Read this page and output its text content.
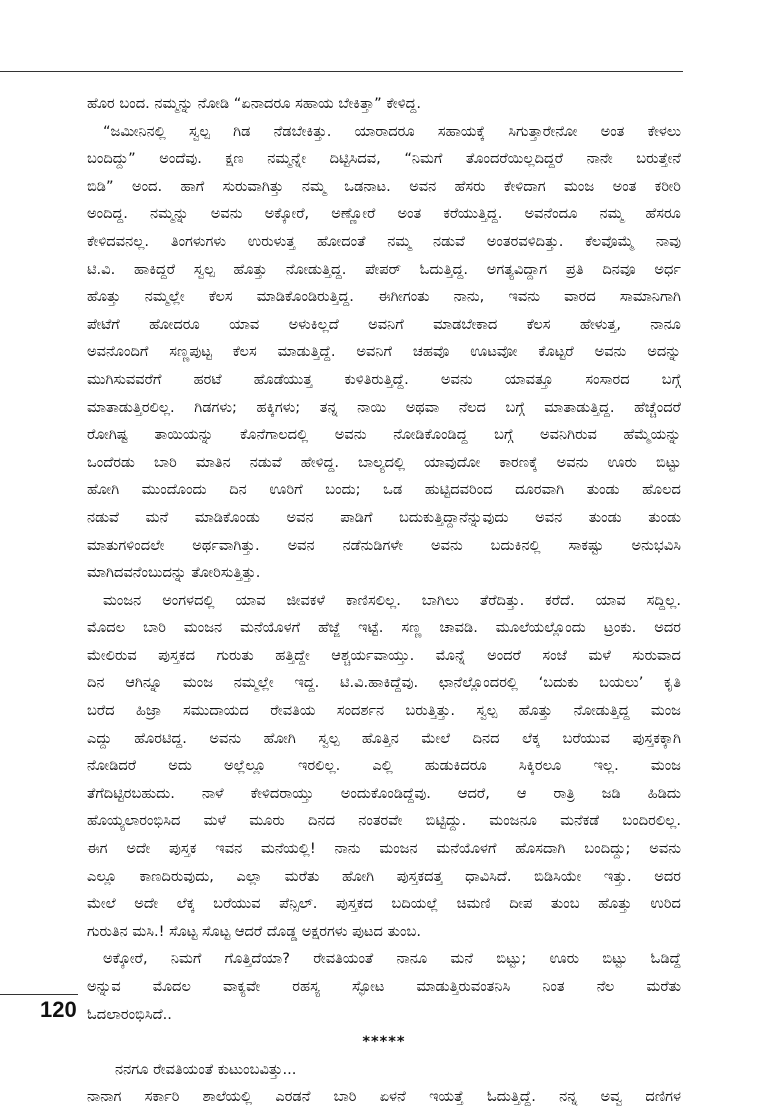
ಹೊರ ಬಂದ. ನಮ್ಮನ್ನು ನೋಡಿ “ಏನಾದರೂ ಸಹಾಯ ಬೇಕಿತ್ತಾ” ಕೇಳಿದ್ದ.
“ಜಮೀನಿನಲ್ಲಿ ಸ್ವಲ್ಪ ಗಿಡ ನೆಡಬೇಕಿತ್ತು. ಯಾರಾದರೂ ಸಹಾಯಕ್ಕೆ ಸಿಗುತ್ತಾರೇನೋ ಅಂತ ಕೇಳಲು
ಬಂದಿದ್ದು” ಅಂದೆವು. ಕ್ಷಣ ನಮ್ಮನ್ನೇ ದಿಟ್ಟಿಸಿದವ, “ನಿಮಗೆ ತೊಂದರೆಯಿಲ್ಲದಿದ್ದರೆ ನಾನೇ ಬರುತ್ತೇನೆ
ಬಿಡಿ” ಅಂದ. ಹಾಗೆ ಸುರುವಾಗಿತ್ತು ನಮ್ಮ ಒಡನಾಟ. ಅವನ ಹೆಸರು ಕೇಳಿದಾಗ ಮಂಜ ಅಂತ ಕರೀರಿ
ಅಂದಿದ್ದ. ನಮ್ಮನ್ನು ಅವನು ಅಕ್ಕೋರೆ, ಅಣ್ಣೋರೆ ಅಂತ ಕರೆಯುತ್ತಿದ್ದ. ಅವನೆಂದೂ ನಮ್ಮ ಹೆಸರೂ
ಕೇಳಿದವನಲ್ಲ. ತಿಂಗಳುಗಳು ಉರುಳುತ್ತ ಹೋದಂತೆ ನಮ್ಮ ನಡುವೆ ಅಂತರವಳಿದಿತ್ತು. ಕೆಲವೊಮ್ಮೆ ನಾವು
ಟಿ.ವಿ. ಹಾಕಿದ್ದರೆ ಸ್ವಲ್ಪ ಹೊತ್ತು ನೋಡುತ್ತಿದ್ದ. ಪೇಪರ್ ಓದುತ್ತಿದ್ದ. ಅಗತ್ಯವಿದ್ದಾಗ ಪ್ರತಿ ದಿನವೂ ಅರ್ಧ
ಹೊತ್ತು ನಮ್ಮಲ್ಲೇ ಕೆಲಸ ಮಾಡಿಕೊಂಡಿರುತ್ತಿದ್ದ. ಈಗೀಗಂತು ನಾನು, ಇವನು ವಾರದ ಸಾಮಾನಿಗಾಗಿ
ಪೇಟೆಗೆ ಹೋದರೂ ಯಾವ ಅಳುಕಿಲ್ಲದೆ ಅವನಿಗೆ ಮಾಡಬೇಕಾದ ಕೆಲಸ ಹೇಳುತ್ತ, ನಾನೂ
ಅವನೊಂದಿಗೆ ಸಣ್ಣಪುಟ್ಟ ಕೆಲಸ ಮಾಡುತ್ತಿದ್ದೆ. ಅವನಿಗೆ ಚಹವೊ ಊಟವೋ ಕೊಟ್ಟರೆ ಅವನು ಅದನ್ನು
ಮುಗಿಸುವವರೆಗೆ ಹರಟೆ ಹೊಡೆಯುತ್ತ ಕುಳಿತಿರುತ್ತಿದ್ದೆ. ಅವನು ಯಾವತ್ತೂ ಸಂಸಾರದ ಬಗ್ಗೆ
ಮಾತಾಡುತ್ತಿರಲಿಲ್ಲ. ಗಿಡಗಳು; ಹಕ್ಕಿಗಳು; ತನ್ನ ನಾಯಿ ಅಥವಾ ನೆಲದ ಬಗ್ಗೆ ಮಾತಾಡುತ್ತಿದ್ದ. ಹೆಚ್ಚೆಂದರೆ
ರೋಗಿಷ್ಟ ತಾಯಿಯನ್ನು ಕೊನೆಗಾಲದಲ್ಲಿ ಅವನು ನೋಡಿಕೊಂಡಿದ್ದ ಬಗ್ಗೆ ಅವನಿಗಿರುವ ಹೆಮ್ಮೆಯನ್ನು
ಒಂದೆರಡು ಬಾರಿ ಮಾತಿನ ನಡುವೆ ಹೇಳಿದ್ದ. ಬಾಲ್ಯದಲ್ಲಿ ಯಾವುದೋ ಕಾರಣಕ್ಕೆ ಅವನು ಊರು ಬಿಟ್ಟು
ಹೋಗಿ ಮುಂದೊಂದು ದಿನ ಊರಿಗೆ ಬಂದು; ಒಡ ಹುಟ್ಟಿದವರಿಂದ ದೂರವಾಗಿ ತುಂಡು ಹೊಲದ
ನಡುವೆ ಮನೆ ಮಾಡಿಕೊಂಡು ಅವನ ಪಾಡಿಗೆ ಬದುಕುತ್ತಿದ್ದಾನೆನ್ನುವುದು ಅವನ ತುಂಡು ತುಂಡು
ಮಾತುಗಳಿಂದಲೇ ಅರ್ಥವಾಗಿತ್ತು. ಅವನ ನಡೆನುಡಿಗಳೇ ಅವನು ಬದುಕಿನಲ್ಲಿ ಸಾಕಷ್ಟು ಅನುಭವಿಸಿ
ಮಾಗಿದವನೆಂಬುದನ್ನು ತೋರಿಸುತ್ತಿತ್ತು.
ಮಂಜನ ಅಂಗಳದಲ್ಲಿ ಯಾವ ಜೀವಕಳೆ ಕಾಣಿಸಲಿಲ್ಲ. ಬಾಗಿಲು ತೆರೆದಿತ್ತು. ಕರೆದೆ. ಯಾವ ಸದ್ದಿಲ್ಲ.
ಮೊದಲ ಬಾರಿ ಮಂಜನ ಮನೆಯೊಳಗೆ ಹೆಜ್ಜೆ ಇಟ್ಟೆ. ಸಣ್ಣ ಚಾವಡಿ. ಮೂಲೆಯಲ್ಲೊಂದು ಟ್ರಂಕು. ಅದರ
ಮೇಲಿರುವ ಪುಸ್ತಕದ ಗುರುತು ಹತ್ತಿದ್ದೇ ಆಶ್ಚರ್ಯವಾಯ್ತು. ಮೊನ್ನೆ ಅಂದರೆ ಸಂಜೆ ಮಳೆ ಸುರುವಾದ
ದಿನ ಆಗಿನ್ನೂ ಮಂಜ ನಮ್ಮಲ್ಲೇ ಇದ್ದ. ಟಿ.ವಿ.ಹಾಕಿದ್ದೆವು. ಛಾನೆಲ್ಲೊಂದರಲ್ಲಿ ‘ಬದುಕು ಬಯಲು’ ಕೃತಿ
ಬರೆದ ಹಿಜ್ರಾ ಸಮುದಾಯದ ರೇವತಿಯ ಸಂದರ್ಶನ ಬರುತ್ತಿತ್ತು. ಸ್ವಲ್ಪ ಹೊತ್ತು ನೋಡುತ್ತಿದ್ದ ಮಂಜ
ಎದ್ದು ಹೊರಟಿದ್ದ. ಅವನು ಹೋಗಿ ಸ್ವಲ್ಪ ಹೊತ್ತಿನ ಮೇಲೆ ದಿನದ ಲೆಕ್ಕ ಬರೆಯುವ ಪುಸ್ತಕಕ್ಕಾಗಿ
ನೋಡಿದರೆ ಅದು ಅಲ್ಲೆಲ್ಲೂ ಇರಲಿಲ್ಲ. ಎಲ್ಲಿ ಹುಡುಕಿದರೂ ಸಿಕ್ಕಿರಲೂ ಇಲ್ಲ. ಮಂಜ
ತೆಗೆದಿಟ್ಟಿರಬಹುದು. ನಾಳೆ ಕೇಳಿದರಾಯ್ತು ಅಂದುಕೊಂಡಿದ್ದೆವು. ಆದರೆ, ಆ ರಾತ್ರಿ ಜಡಿ ಹಿಡಿದು
ಹೊಯ್ಯಲಾರಂಭಿಸಿದ ಮಳೆ ಮೂರು ದಿನದ ನಂತರವೇ ಬಿಟ್ಟಿದ್ದು. ಮಂಜನೂ ಮನೆಕಡೆ ಬಂದಿರಲಿಲ್ಲ.
ಈಗ ಅದೇ ಪುಸ್ತಕ ಇವನ ಮನೆಯಲ್ಲಿ! ನಾನು ಮಂಜನ ಮನೆಯೊಳಗೆ ಹೊಸದಾಗಿ ಬಂದಿದ್ದು; ಅವನು
ಎಲ್ಲೂ ಕಾಣದಿರುವುದು, ಎಲ್ಲಾ ಮರೆತು ಹೋಗಿ ಪುಸ್ತಕದತ್ತ ಧಾವಿಸಿದೆ. ಬಿಡಿಸಿಯೇ ಇತ್ತು. ಅದರ
ಮೇಲೆ ಅದೇ ಲೆಕ್ಕ ಬರೆಯುವ ಪೆನ್ಸಿಲ್. ಪುಸ್ತಕದ ಬದಿಯಲ್ಲೆ ಚಿಮಣಿ ದೀಪ ತುಂಬ ಹೊತ್ತು ಉರಿದ
ಗುರುತಿನ ಮಸಿ.! ಸೊಟ್ಟ ಸೊಟ್ಟ ಆದರೆ ದೊಡ್ಡ ಅಕ್ಷರಗಳು ಪುಟದ ತುಂಬ.
ಅಕ್ಕೋರೆ, ನಿಮಗೆ ಗೊತ್ತಿದೆಯಾ? ರೇವತಿಯಂತೆ ನಾನೂ ಮನೆ ಬಿಟ್ಟು; ಊರು ಬಿಟ್ಟು ಓಡಿದ್ದೆ
ಅನ್ನುವ ಮೊದಲ ವಾಕ್ಯವೇ ರಹಸ್ಯ ಸ್ಫೋಟ ಮಾಡುತ್ತಿರುವಂತನಿಸಿ ನಿಂತ ನೆಲ ಮರೆತು
ಓದಲಾರಂಭಿಸಿದೆ..
*****
ನನಗೂ ರೇವತಿಯಂತೆ ಕುಟುಂಬವಿತ್ತು...
ನಾನಾಗ ಸರ್ಕಾರಿ ಶಾಲೆಯಲ್ಲಿ ಎರಡನೆ ಬಾರಿ ಏಳನೆ ಇಯತ್ತೆ ಓದುತ್ತಿದ್ದೆ. ನನ್ನ ಅವ್ವ ದಣಿಗಳ
120
